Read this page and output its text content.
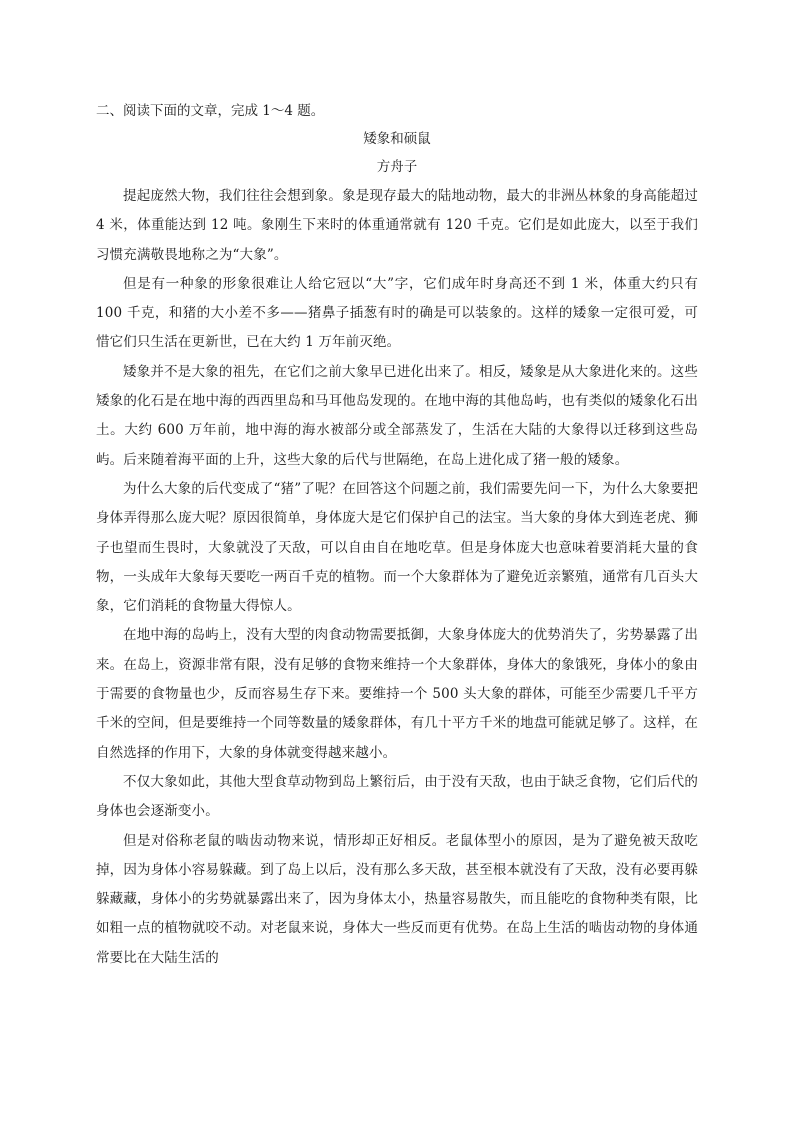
二、阅读下面的文章，完成 1～4 题。

矮象和硕鼠

方舟子

提起庞然大物，我们往往会想到象。象是现存最大的陆地动物，最大的非洲丛林象的身高能超过 4 米，体重能达到 12 吨。象刚生下来时的体重通常就有 120 千克。它们是如此庞大，以至于我们习惯充满敬畏地称之为“大象”。

但是有一种象的形象很难让人给它冠以“大”字，它们成年时身高还不到 1 米，体重大约只有 100 千克，和猪的大小差不多——猪鼻子插葱有时的确是可以装象的。这样的矮象一定很可爱，可惜它们只生活在更新世，已在大约 1 万年前灭绝。

矮象并不是大象的祖先，在它们之前大象早已进化出来了。相反，矮象是从大象进化来的。这些矮象的化石是在地中海的西西里岛和马耳他岛发现的。在地中海的其他岛屿，也有类似的矮象化石出土。大约 600 万年前，地中海的海水被部分或全部蒸发了，生活在大陆的大象得以迁移到这些岛屿。后来随着海平面的上升，这些大象的后代与世隔绝，在岛上进化成了猪一般的矮象。

为什么大象的后代变成了“猪”了呢？在回答这个问题之前，我们需要先问一下，为什么大象要把身体弄得那么庞大呢？原因很简单，身体庞大是它们保护自己的法宝。当大象的身体大到连老虎、狮子也望而生畏时，大象就没了天敌，可以自由自在地吃草。但是身体庞大也意味着要消耗大量的食物，一头成年大象每天要吃一两百千克的植物。而一个大象群体为了避免近亲繁殖，通常有几百头大象，它们消耗的食物量大得惊人。

在地中海的岛屿上，没有大型的肉食动物需要抵御，大象身体庞大的优势消失了，劣势暴露了出来。在岛上，资源非常有限，没有足够的食物来维持一个大象群体，身体大的象饿死，身体小的象由于需要的食物量也少，反而容易生存下来。要维持一个 500 头大象的群体，可能至少需要几千平方千米的空间，但是要维持一个同等数量的矮象群体，有几十平方千米的地盘可能就足够了。这样，在自然选择的作用下，大象的身体就变得越来越小。

不仅大象如此，其他大型食草动物到岛上繁衍后，由于没有天敌，也由于缺乏食物，它们后代的身体也会逐渐变小。

但是对俗称老鼠的啮齿动物来说，情形却正好相反。老鼠体型小的原因，是为了避免被天敌吃掉，因为身体小容易躲藏。到了岛上以后，没有那么多天敌，甚至根本就没有了天敌，没有必要再躲躲藏藏，身体小的劣势就暴露出来了，因为身体太小，热量容易散失，而且能吃的食物种类有限，比如粗一点的植物就咬不动。对老鼠来说，身体大一些反而更有优势。在岛上生活的啮齿动物的身体通常要比在大陆生活的
